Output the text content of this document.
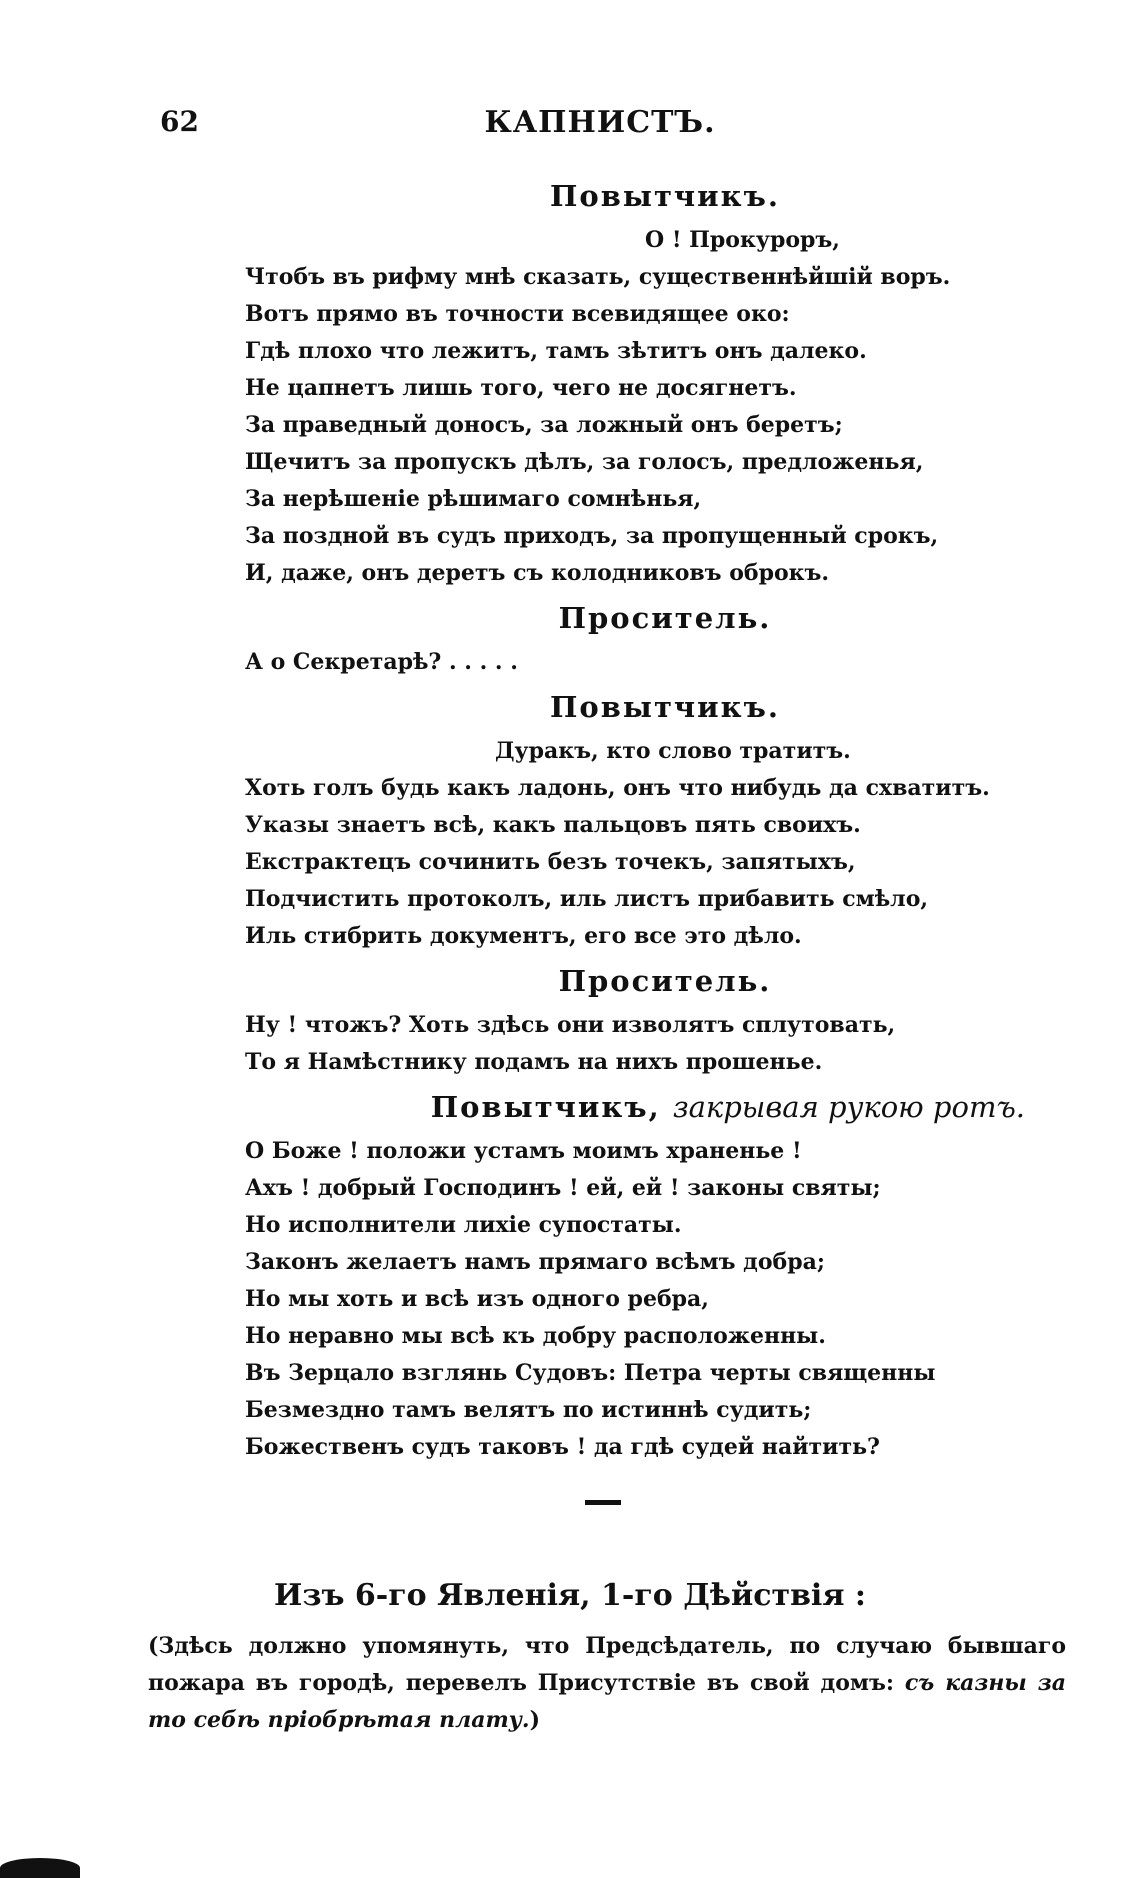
62	КАПНИСТЪ.
Повытчикъ.
О ! Прокуроръ,
Чтобъ въ рифму мнѣ сказать, существеннѣйшiй воръ.
Вотъ прямо въ точности всевидящее око:
Гдѣ плохо что лежитъ, тамъ зѣтитъ онъ далеко.
Не цапнетъ лишь того, чего не досягнетъ.
За праведный доносъ, за ложный онъ беретъ;
Щечитъ за пропускъ дѣлъ, за голосъ, предложенья,
За нерѣшенiе рѣшимаго сомнѣнья,
За поздной въ судъ приходъ, за пропущенный срокъ,
И, даже, онъ деретъ съ колодниковъ оброкъ.
Проситель.
А о Секретарѣ? . . . . .
Повытчикъ.
Дуракъ, кто слово тратитъ.
Хоть голъ будь какъ ладонь, онъ что нибудь да схватитъ.
Указы знаетъ всѣ, какъ пальцовъ пять своихъ.
Екстрактецъ сочинить безъ точекъ, запятыхъ,
Подчистить протоколъ, иль листъ прибавить смѣло,
Иль стибрить документъ, его все это дѣло.
Проситель.
Ну ! чтожъ? Хоть здѣсь они изволятъ сплутовать,
То я Намѣстнику подамъ на нихъ прошенье.
Повытчикъ, закрывая рукою ротъ.
О Боже ! положи устамъ моимъ храненье !
Ахъ ! добрый Господинъ ! ей, ей ! законы святы;
Но исполнители лихiе супостаты.
Законъ желаетъ намъ прямаго всѣмъ добра;
Но мы хоть и всѣ изъ одного ребра,
Но неравно мы всѣ къ добру расположенны.
Въ Зерцало взглянь Судовъ: Петра черты священны
Безмездно тамъ велятъ по истиннѣ судить;
Божественъ судъ таковъ ! да гдѣ судей найтить?
Изъ 6-го Явленія, 1-го Дѣйствія :
(Здѣсь должно упомянуть, что Предсѣдатель, по случаю бывшаго пожара въ городѣ, перевелъ Присутствiе въ свой домъ: съ казны за то себѣ прiобрѣтая плату.)
